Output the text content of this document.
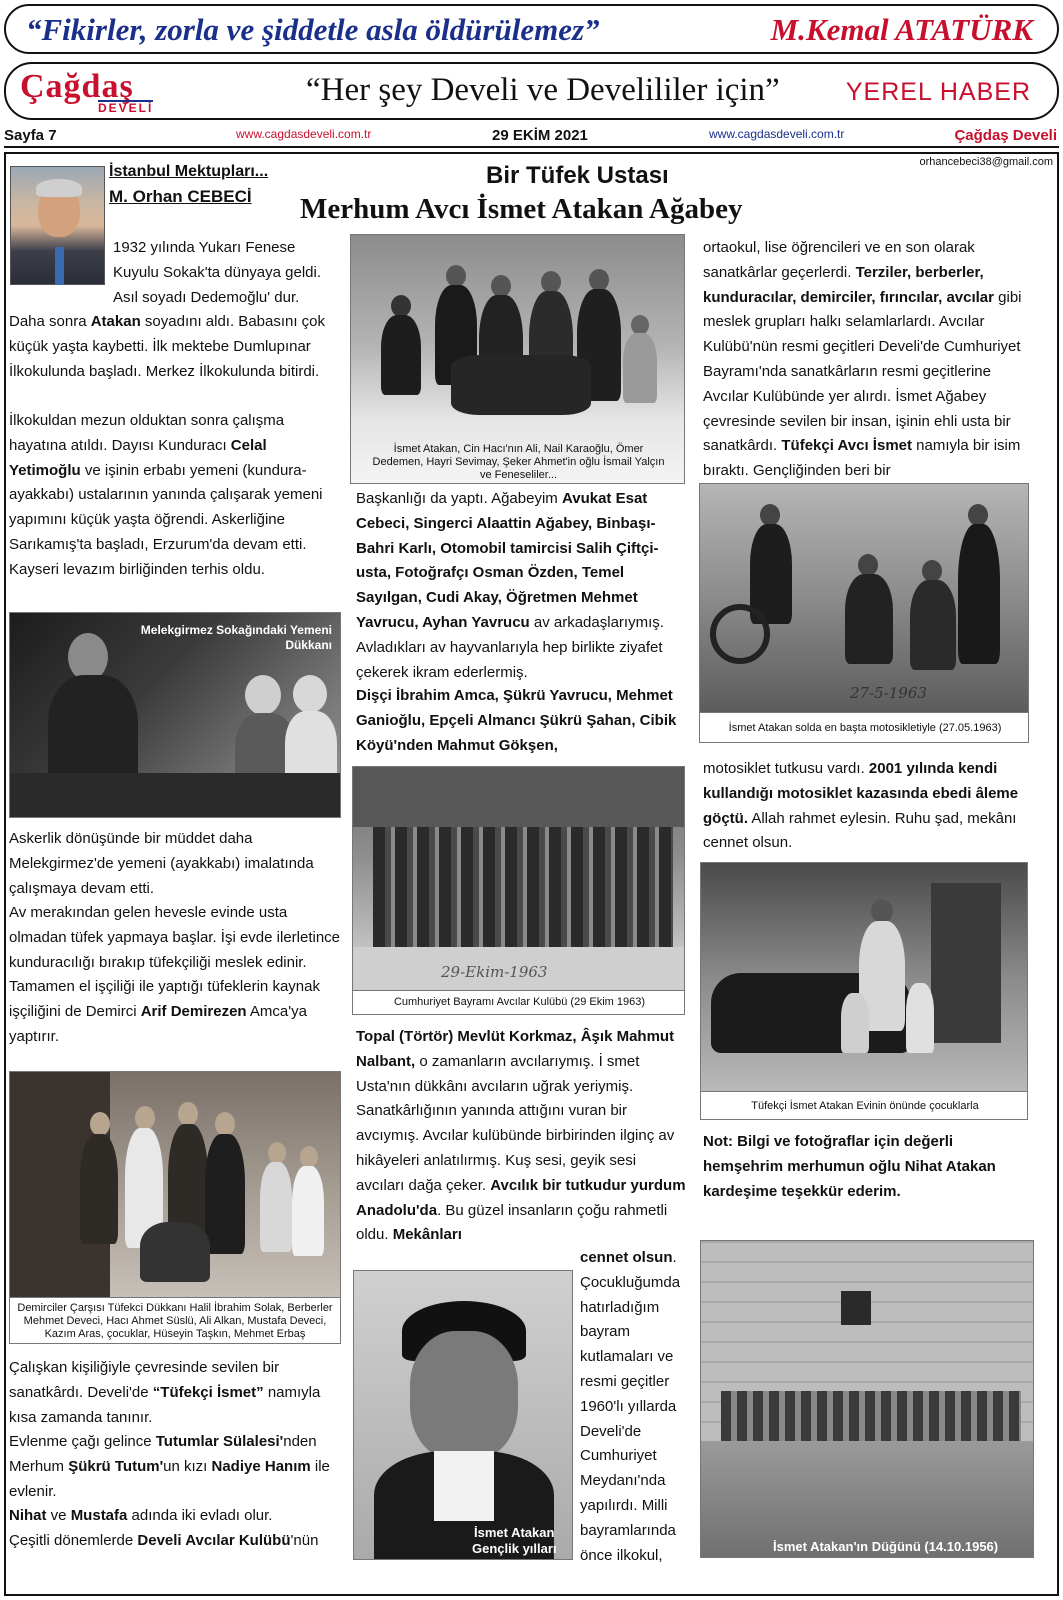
“Fikirler, zorla ve şiddetle asla öldürülemez”	M.Kemal ATATÜRK
Çağdaş
DEVELİ	“Her şey Develi ve Develililer için”	YEREL HABER
Sayfa 7	www.cagdasdeveli.com.tr	29 EKİM 2021	www.cagdasdeveli.com.tr	Çağdaş Develi
İstanbul Mektupları...
M. Orhan CEBECİ
orhancebeci38@gmail.com
Bir Tüfek Ustası
Merhum Avcı İsmet Atakan Ağabey
1932 yılında Yukarı Fenese
Kuyulu Sokak'ta dünyaya geldi.
Asıl soyadı Dedemoğlu' dur.
Daha sonra Atakan soyadını aldı. Babasını çok küçük yaşta kaybetti. İlk mektebe Dumlupınar İlkokulunda başladı. Merkez İlkokulunda bitirdi.
İlkokuldan mezun olduktan sonra çalışma hayatına atıldı. Dayısı Kunduracı Celal Yetimoğlu ve işinin erbabı yemeni (kundura-ayakkabı) ustalarının yanında çalışarak yemeni yapımını küçük yaşta öğrendi. Askerliğine Sarıkamış'ta başladı, Erzurum'da devam etti. Kayseri levazım birliğinden terhis oldu.
Melekgirmez Sokağındaki Yemeni Dükkanı
Askerlik dönüşünde bir müddet daha Melekgirmez'de yemeni (ayakkabı) imalatında çalışmaya devam etti.
Av merakından gelen hevesle evinde usta olmadan tüfek yapmaya başlar. İşi evde ilerletince kunduracılığı bırakıp tüfekçiliği meslek edinir. Tamamen el işçiliği ile yaptığı tüfeklerin kaynak işçiliğini de Demirci Arif Demirezen Amca'ya yaptırır.
Demirciler Çarşısı Tüfekci Dükkanı Halil İbrahim Solak, Berberler Mehmet Deveci, Hacı Ahmet Süslü, Ali Alkan, Mustafa Deveci, Kazım Aras, çocuklar, Hüseyin Taşkın, Mehmet Erbaş
Çalışkan kişiliğiyle çevresinde sevilen bir sanatkârdı. Develi'de “Tüfekçi İsmet” namıyla kısa zamanda tanınır.
Evlenme çağı gelince Tutumlar Sülalesi'nden Merhum Şükrü Tutum'un kızı Nadiye Hanım ile evlenir.
Nihat ve Mustafa adında iki evladı olur.
Çeşitli dönemlerde Develi Avcılar Kulübü'nün
İsmet Atakan, Cin Hacı'nın Ali, Nail Karaoğlu, Ömer Dedemen, Hayri Sevimay, Şeker Ahmet'in oğlu İsmail Yalçın ve Feneseliler...
Başkanlığı da yaptı. Ağabeyim Avukat Esat Cebeci, Singerci Alaattin Ağabey, Binbaşı-Bahri Karlı, Otomobil tamircisi Salih Çiftçi-usta, Fotoğrafçı Osman Özden, Temel Sayılgan, Cudi Akay, Öğretmen Mehmet Yavrucu, Ayhan Yavrucu av arkadaşlarıymış. Avladıkları av hayvanlarıyla hep birlikte ziyafet çekerek ikram ederlermiş.
Dişçi İbrahim Amca, Şükrü Yavrucu, Mehmet Ganioğlu, Epçeli Almancı Şükrü Şahan, Cibik Köyü'nden Mahmut Gökşen,
29-Ekim-1963
Cumhuriyet Bayramı Avcılar Kulübü (29 Ekim 1963)
Topal (Törtör) Mevlüt Korkmaz, Âşık Mahmut Nalbant, o zamanların avcılarıymış. İ smet Usta'nın dükkânı avcıların uğrak yeriymiş. Sanatkârlığının yanında attığını vuran bir avcıymış. Avcılar kulübünde birbirinden ilginç av hikâyeleri anlatılırmış. Kuş sesi, geyik sesi avcıları dağa çeker. Avcılık bir tutkudur yurdum Anadolu'da. Bu güzel insanların çoğu rahmetli oldu. Mekânları
İsmet Atakan
Gençlik yılları
cennet olsun. Çocukluğumda hatırladığım bayram kutlamaları ve resmi geçitler 1960'lı yıllarda Develi'de Cumhuriyet Meydanı'nda yapılırdı. Milli bayramlarında önce ilkokul,
ortaokul, lise öğrencileri ve en son olarak sanatkârlar geçerlerdi. Terziler, berberler, kunduracılar, demirciler, fırıncılar, avcılar gibi meslek grupları halkı selamlarlardı. Avcılar Kulübü'nün resmi geçitleri Develi'de Cumhuriyet Bayramı'nda sanatkârların resmi geçitlerine Avcılar Kulübünde yer alırdı. İsmet Ağabey çevresinde sevilen bir insan, işinin ehli usta bir sanatkârdı. Tüfekçi Avcı İsmet namıyla bir isim bıraktı. Gençliğinden beri bir
27-5-1963
İsmet Atakan solda en başta motosikletiyle (27.05.1963)
motosiklet tutkusu vardı. 2001 yılında kendi kullandığı motosiklet kazasında ebedi âleme göçtü. Allah rahmet eylesin. Ruhu şad, mekânı cennet olsun.
Tüfekçi İsmet Atakan Evinin önünde çocuklarla
Not: Bilgi ve fotoğraflar için değerli hemşehrim merhumun oğlu Nihat Atakan kardeşime teşekkür ederim.
İsmet Atakan'ın Düğünü (14.10.1956)
